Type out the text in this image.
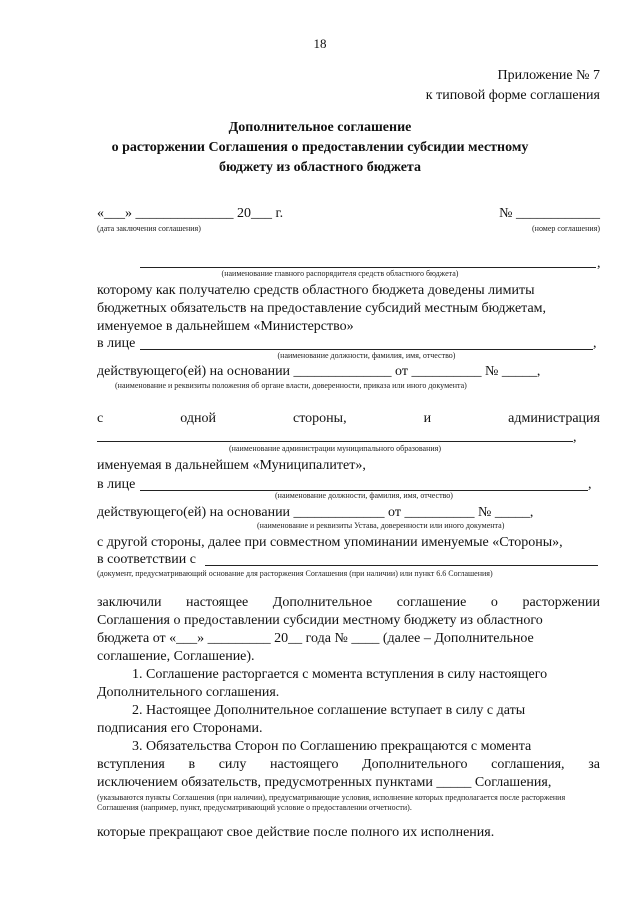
18
Приложение № 7
к типовой форме соглашения
Дополнительное соглашение
о расторжении Соглашения о предоставлении субсидии местному
бюджету из областного бюджета
«___» ______________ 20___ г.	№ ____________
(дата заключения соглашения)	(номер соглашения)
,
(наименование главного распорядителя средств областного бюджета)
которому как получателю средств областного бюджета доведены лимиты
бюджетных обязательств на предоставление субсидий местным бюджетам,
именуемое в дальнейшем «Министерство»
в лице	,
(наименование должности, фамилия, имя, отчество)
действующего(ей) на основании ______________ от __________ № _____,
(наименование и реквизиты положения об органе власти, доверенности, приказа или иного документа)
с	одной	стороны,	и	администрация
,
(наименование администрации муниципального образования)
именуемая в дальнейшем «Муниципалитет»,
в лице	,
(наименование должности, фамилия, имя, отчество)
действующего(ей) на основании _____________ от __________ № _____,
(наименование и реквизиты Устава, доверенности или иного документа)
с другой стороны, далее при совместном упоминании именуемые «Стороны»,
в соответствии с
(документ, предусматривающий основание для расторжения Соглашения (при наличии) или пункт 6.6 Соглашения)
заключили настоящее Дополнительное соглашение о расторжении
Соглашения о предоставлении субсидии местному бюджету из областного
бюджета от «___» _________ 20__ года № ____ (далее – Дополнительное
соглашение, Соглашение).
1. Соглашение расторгается с момента вступления в силу настоящего
Дополнительного соглашения.
2. Настоящее Дополнительное соглашение вступает в силу с даты
подписания его Сторонами.
3. Обязательства Сторон по Соглашению прекращаются с момента
вступления в силу настоящего Дополнительного соглашения, за
исключением обязательств, предусмотренных пунктами _____ Соглашения,
(указываются пункты Соглашения (при наличии), предусматривающие условия, исполнение которых предполагается после расторжения Соглашения (например, пункт, предусматривающий условие о предоставлении отчетности).
которые прекращают свое действие после полного их исполнения.
